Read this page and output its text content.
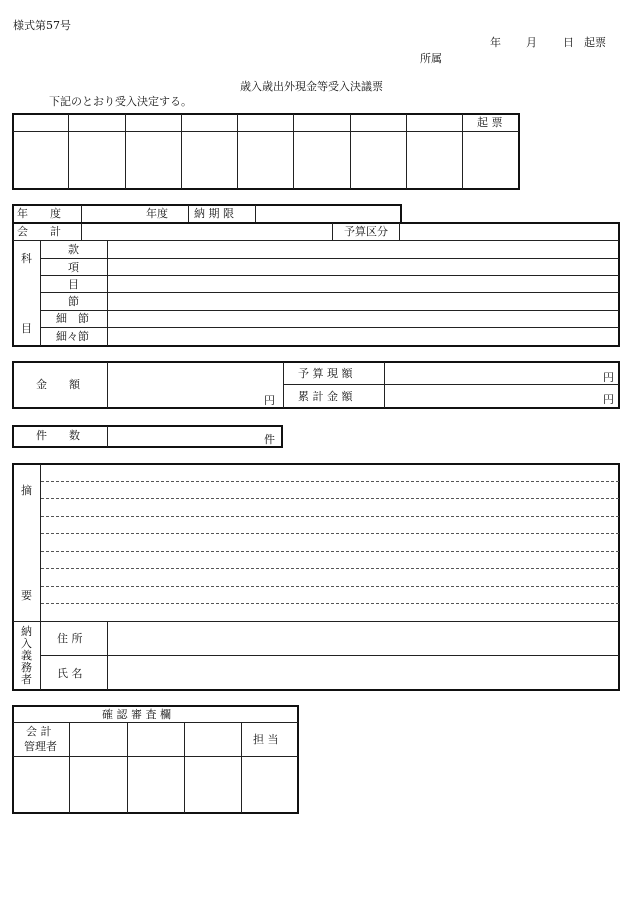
様式第57号
年 月 日 起票
所属
歳入歳出外現金等受入決議票
下記のとおり受入決定する。
起 票
年　　度	年度 納 期 限
会　　計	予算区分
科
目
款
項
目
節
細　節
細々節
金　　額
円
予 算 現 額	円
累 計 金 額	円
件　　数	件
摘
要
納
入
義
務
者
住 所
氏 名
確 認 審 査 欄
会 計
管理者
担 当
